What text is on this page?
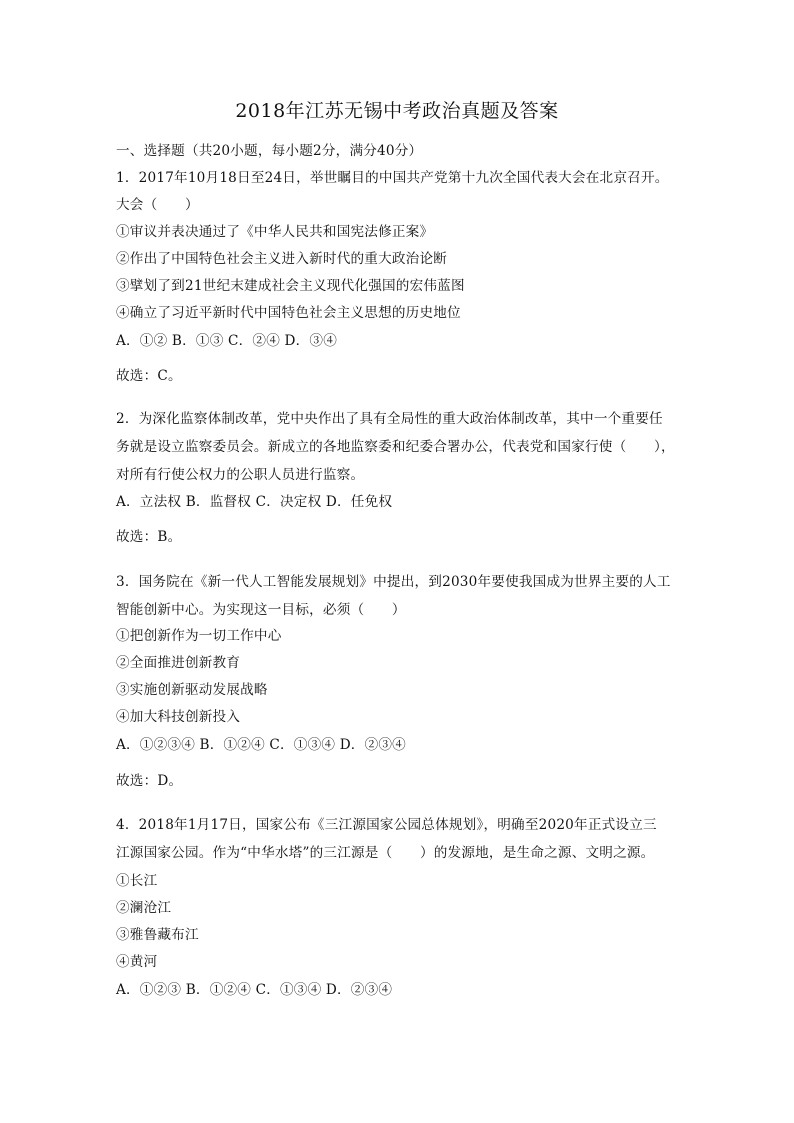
2018年江苏无锡中考政治真题及答案
一、选择题（共20小题，每小题2分，满分40分）
1．2017年10月18日至24日，举世瞩目的中国共产党第十九次全国代表大会在北京召开。
大会（　　）
①审议并表决通过了《中华人民共和国宪法修正案》
②作出了中国特色社会主义进入新时代的重大政治论断
③擘划了到21世纪末建成社会主义现代化强国的宏伟蓝图
④确立了习近平新时代中国特色社会主义思想的历史地位
A．①② B．①③ C．②④ D．③④
故选：C。
2．为深化监察体制改革，党中央作出了具有全局性的重大政治体制改革，其中一个重要任
务就是设立监察委员会。新成立的各地监察委和纪委合署办公，代表党和国家行使（　　），
对所有行使公权力的公职人员进行监察。
A．立法权 B．监督权 C．决定权 D．任免权
故选：B。
3．国务院在《新一代人工智能发展规划》中提出，到2030年要使我国成为世界主要的人工
智能创新中心。为实现这一目标，必须（　　）
①把创新作为一切工作中心
②全面推进创新教育
③实施创新驱动发展战略
④加大科技创新投入
A．①②③④ B．①②④ C．①③④ D．②③④
故选：D。
4．2018年1月17日，国家公布《三江源国家公园总体规划》，明确至2020年正式设立三
江源国家公园。作为“中华水塔”的三江源是（　　）的发源地，是生命之源、文明之源。
①长江
②澜沧江
③雅鲁藏布江
④黄河
A．①②③ B．①②④ C．①③④ D．②③④
